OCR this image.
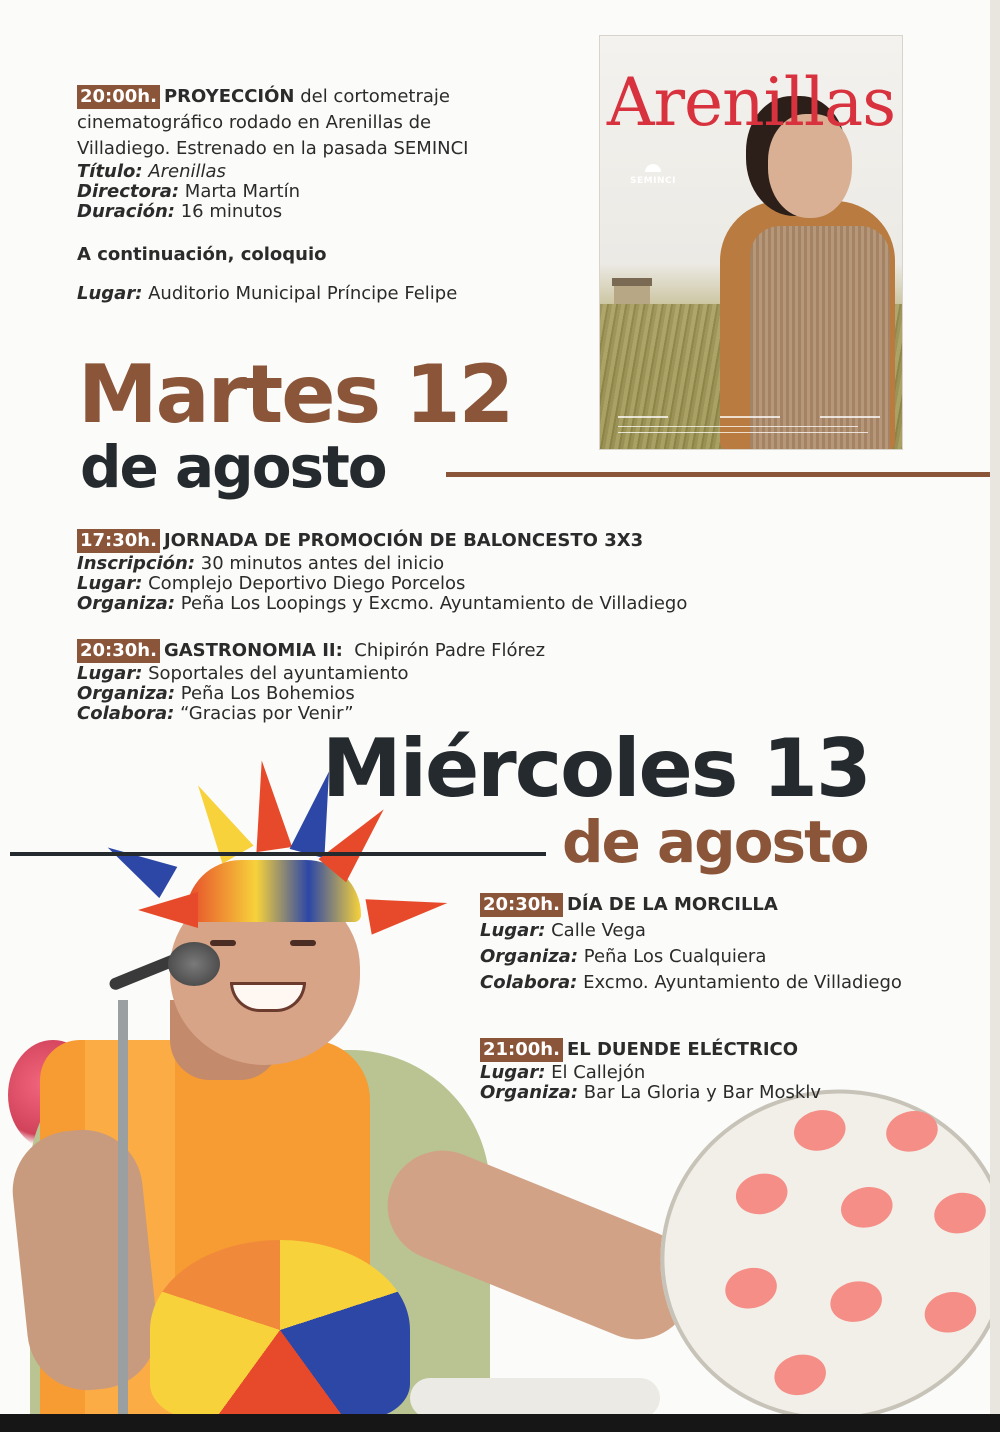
20:00h. PROYECCIÓN del cortometraje

cinematográfico rodado en Arenillas de

Villadiego. Estrenado en la pasada SEMINCI

Título: Arenillas
Directora: Marta Martín
Duración: 16 minutos

A continuación, coloquio

Lugar: Auditorio Municipal Príncipe Felipe

Arenillas
SEMINCI
Martes 12
de agosto
17:30h. JORNADA DE PROMOCIÓN DE BALONCESTO 3X3
Inscripción: 30 minutos antes del inicio
Lugar: Complejo Deportivo Diego Porcelos
Organiza: Peña Los Loopings y Excmo. Ayuntamiento de Villadiego
20:30h. GASTRONOMIA II:  Chipirón Padre Flórez
Lugar: Soportales del ayuntamiento
Organiza: Peña Los Bohemios
Colabora: “Gracias por Venir”
Miércoles 13
de agosto
20:30h. DÍA DE LA MORCILLA
Lugar: Calle Vega
Organiza: Peña Los Cualquiera
Colabora: Excmo. Ayuntamiento de Villadiego
21:00h. EL DUENDE ELÉCTRICO
Lugar: El Callejón
Organiza: Bar La Gloria y Bar Mosklv
